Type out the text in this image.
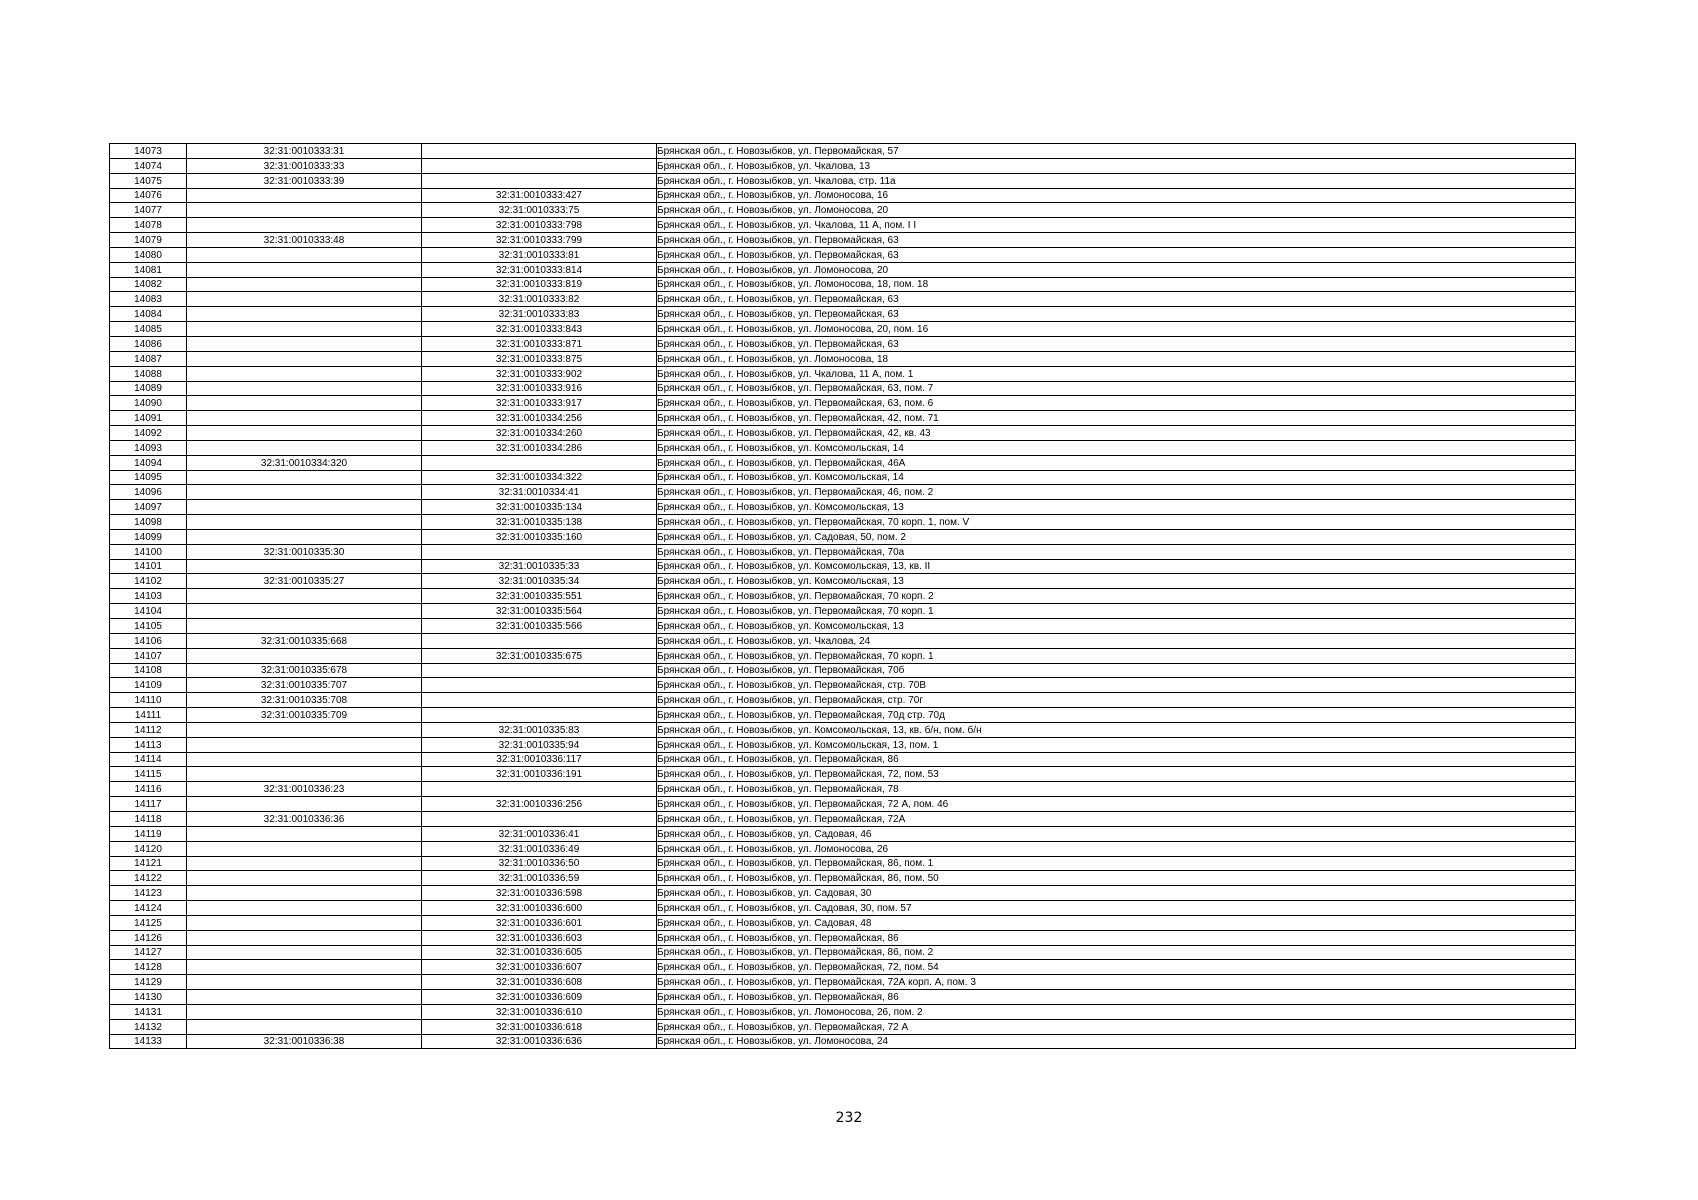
14073	32:31:0010333:31		Брянская обл., г. Новозыбков, ул. Первомайская, 57
14074	32:31:0010333:33		Брянская обл., г. Новозыбков, ул. Чкалова, 13
14075	32:31:0010333:39		Брянская обл., г. Новозыбков, ул. Чкалова, стр. 11а
14076		32:31:0010333:427	Брянская обл., г. Новозыбков, ул. Ломоносова, 16
14077		32:31:0010333:75	Брянская обл., г. Новозыбков, ул. Ломоносова, 20
14078		32:31:0010333:798	Брянская обл., г. Новозыбков, ул. Чкалова, 11 А, пом. I I
14079	32:31:0010333:48	32:31:0010333:799	Брянская обл., г. Новозыбков, ул. Первомайская, 63
14080		32:31:0010333:81	Брянская обл., г. Новозыбков, ул. Первомайская, 63
14081		32:31:0010333:814	Брянская обл., г. Новозыбков, ул. Ломоносова, 20
14082		32:31:0010333:819	Брянская обл., г. Новозыбков, ул. Ломоносова, 18, пом. 18
14083		32:31:0010333:82	Брянская обл., г. Новозыбков, ул. Первомайская, 63
14084		32:31:0010333:83	Брянская обл., г. Новозыбков, ул. Первомайская, 63
14085		32:31:0010333:843	Брянская обл., г. Новозыбков, ул. Ломоносова, 20, пом. 16
14086		32:31:0010333:871	Брянская обл., г. Новозыбков, ул. Первомайская, 63
14087		32:31:0010333:875	Брянская обл., г. Новозыбков, ул. Ломоносова, 18
14088		32:31:0010333:902	Брянская обл., г. Новозыбков, ул. Чкалова, 11 А, пом. 1
14089		32:31:0010333:916	Брянская обл., г. Новозыбков, ул. Первомайская, 63, пом. 7
14090		32:31:0010333:917	Брянская обл., г. Новозыбков, ул. Первомайская, 63, пом. 6
14091		32:31:0010334:256	Брянская обл., г. Новозыбков, ул. Первомайская, 42, пом. 71
14092		32:31:0010334:260	Брянская обл., г. Новозыбков, ул. Первомайская, 42, кв. 43
14093		32:31:0010334:286	Брянская обл., г. Новозыбков, ул. Комсомольская, 14
14094	32:31:0010334:320		Брянская обл., г. Новозыбков, ул. Первомайская, 46А
14095		32:31:0010334:322	Брянская обл., г. Новозыбков, ул. Комсомольская, 14
14096		32:31:0010334:41	Брянская обл., г. Новозыбков, ул. Первомайская, 46, пом. 2
14097		32:31:0010335:134	Брянская обл., г. Новозыбков, ул. Комсомольская, 13
14098		32:31:0010335:138	Брянская обл., г. Новозыбков, ул. Первомайская, 70 корп. 1, пом. V
14099		32:31:0010335:160	Брянская обл., г. Новозыбков, ул. Садовая, 50, пом. 2
14100	32:31:0010335:30		Брянская обл., г. Новозыбков, ул. Первомайская, 70а
14101		32:31:0010335:33	Брянская обл., г. Новозыбков, ул. Комсомольская, 13, кв. II
14102	32:31:0010335:27	32:31:0010335:34	Брянская обл., г. Новозыбков, ул. Комсомольская, 13
14103		32:31:0010335:551	Брянская обл., г. Новозыбков, ул. Первомайская, 70 корп. 2
14104		32:31:0010335:564	Брянская обл., г. Новозыбков, ул. Первомайская, 70 корп. 1
14105		32:31:0010335:566	Брянская обл., г. Новозыбков, ул. Комсомольская, 13
14106	32:31:0010335:668		Брянская обл., г. Новозыбков, ул. Чкалова, 24
14107		32:31:0010335:675	Брянская обл., г. Новозыбков, ул. Первомайская, 70 корп. 1
14108	32:31:0010335:678		Брянская обл., г. Новозыбков, ул. Первомайская, 70б
14109	32:31:0010335:707		Брянская обл., г. Новозыбков, ул. Первомайская, стр. 70В
14110	32:31:0010335:708		Брянская обл., г. Новозыбков, ул. Первомайская, стр. 70г
14111	32:31:0010335:709		Брянская обл., г. Новозыбков, ул. Первомайская, 70д стр. 70д
14112		32:31:0010335:83	Брянская обл., г. Новозыбков, ул. Комсомольская, 13, кв. б/н, пом. б/н
14113		32:31:0010335:94	Брянская обл., г. Новозыбков, ул. Комсомольская, 13, пом. 1
14114		32:31:0010336:117	Брянская обл., г. Новозыбков, ул. Первомайская, 86
14115		32:31:0010336:191	Брянская обл., г. Новозыбков, ул. Первомайская, 72, пом. 53
14116	32:31:0010336:23		Брянская обл., г. Новозыбков, ул. Первомайская, 78
14117		32:31:0010336:256	Брянская обл., г. Новозыбков, ул. Первомайская, 72 А, пом. 46
14118	32:31:0010336:36		Брянская обл., г. Новозыбков, ул. Первомайская, 72А
14119		32:31:0010336:41	Брянская обл., г. Новозыбков, ул. Садовая, 46
14120		32:31:0010336:49	Брянская обл., г. Новозыбков, ул. Ломоносова, 26
14121		32:31:0010336:50	Брянская обл., г. Новозыбков, ул. Первомайская, 86, пом. 1
14122		32:31:0010336:59	Брянская обл., г. Новозыбков, ул. Первомайская, 86, пом. 50
14123		32:31:0010336:598	Брянская обл., г. Новозыбков, ул. Садовая, 30
14124		32:31:0010336:600	Брянская обл., г. Новозыбков, ул. Садовая, 30, пом. 57
14125		32:31:0010336:601	Брянская обл., г. Новозыбков, ул. Садовая, 48
14126		32:31:0010336:603	Брянская обл., г. Новозыбков, ул. Первомайская, 86
14127		32:31:0010336:605	Брянская обл., г. Новозыбков, ул. Первомайская, 86, пом. 2
14128		32:31:0010336:607	Брянская обл., г. Новозыбков, ул. Первомайская, 72, пом. 54
14129		32:31:0010336:608	Брянская обл., г. Новозыбков, ул. Первомайская, 72А корп. А, пом. 3
14130		32:31:0010336:609	Брянская обл., г. Новозыбков, ул. Первомайская, 86
14131		32:31:0010336:610	Брянская обл., г. Новозыбков, ул. Ломоносова, 26, пом. 2
14132		32:31:0010336:618	Брянская обл., г. Новозыбков, ул. Первомайская, 72 А
14133	32:31:0010336:38	32:31:0010336:636	Брянская обл., г. Новозыбков, ул. Ломоносова, 24
232
